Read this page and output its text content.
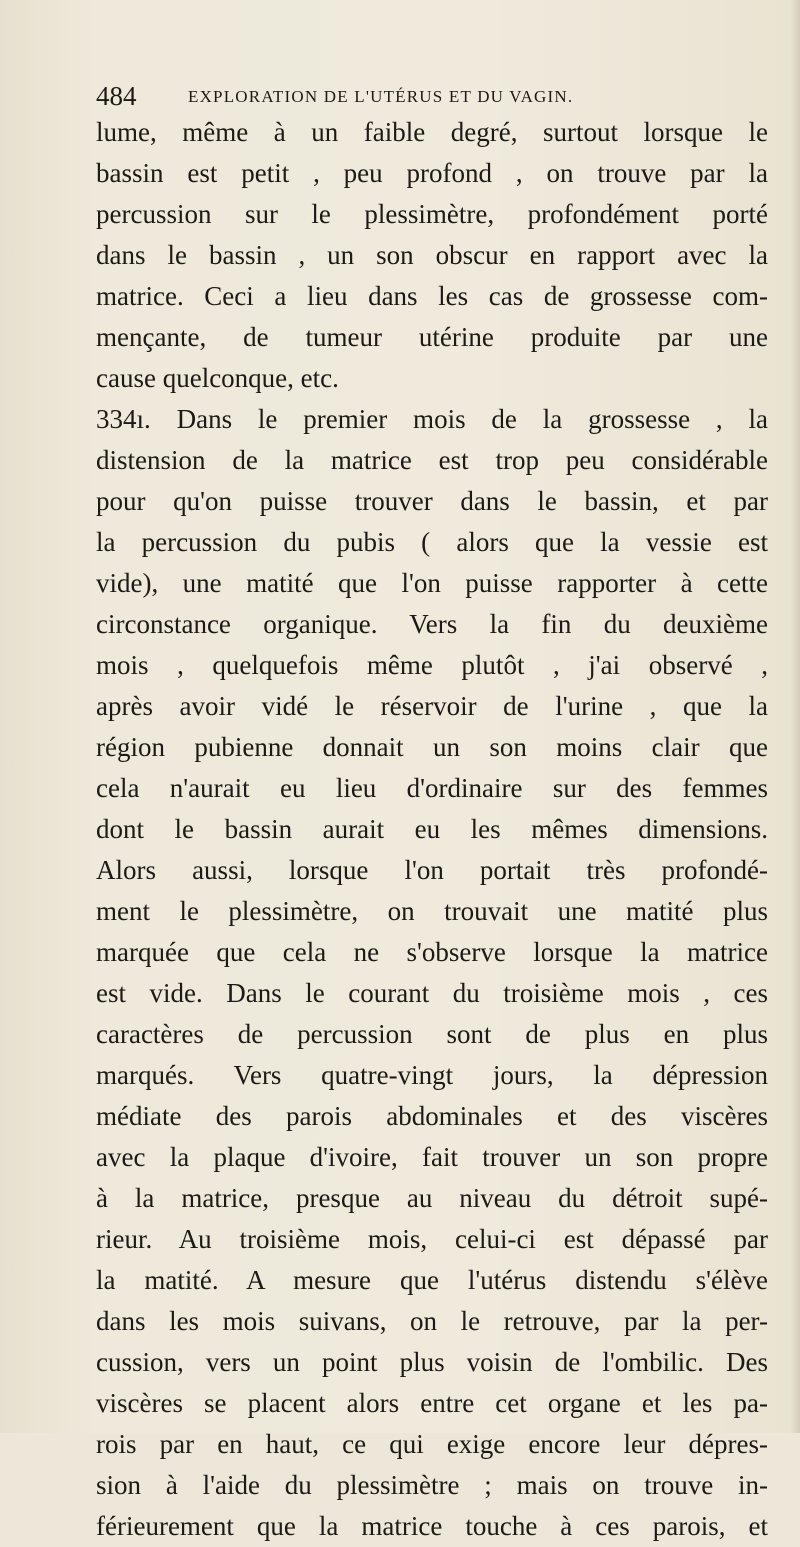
484	EXPLORATION DE L'UTÉRUS ET DU VAGIN.
lume, même à un faible degré, surtout lorsque le
bassin est petit , peu profond , on trouve par la
percussion sur le plessimètre, profondément porté
dans le bassin , un son obscur en rapport avec la
matrice. Ceci a lieu dans les cas de grossesse com-
mençante, de tumeur utérine produite par une
cause quelconque, etc.
334ı. Dans le premier mois de la grossesse , la
distension de la matrice est trop peu considérable
pour qu'on puisse trouver dans le bassin, et par
la percussion du pubis ( alors que la vessie est
vide), une matité que l'on puisse rapporter à cette
circonstance organique. Vers la fin du deuxième
mois , quelquefois même plutôt , j'ai observé ,
après avoir vidé le réservoir de l'urine , que la
région pubienne donnait un son moins clair que
cela n'aurait eu lieu d'ordinaire sur des femmes
dont le bassin aurait eu les mêmes dimensions.
Alors aussi, lorsque l'on portait très profondé-
ment le plessimètre, on trouvait une matité plus
marquée que cela ne s'observe lorsque la matrice
est vide. Dans le courant du troisième mois , ces
caractères de percussion sont de plus en plus
marqués. Vers quatre-vingt jours, la dépression
médiate des parois abdominales et des viscères
avec la plaque d'ivoire, fait trouver un son propre
à la matrice, presque au niveau du détroit supé-
rieur. Au troisième mois, celui-ci est dépassé par
la matité. A mesure que l'utérus distendu s'élève
dans les mois suivans, on le retrouve, par la per-
cussion, vers un point plus voisin de l'ombilic. Des
viscères se placent alors entre cet organe et les pa-
rois par en haut, ce qui exige encore leur dépres-
sion à l'aide du plessimètre ; mais on trouve in-
férieurement que la matrice touche à ces parois, et
